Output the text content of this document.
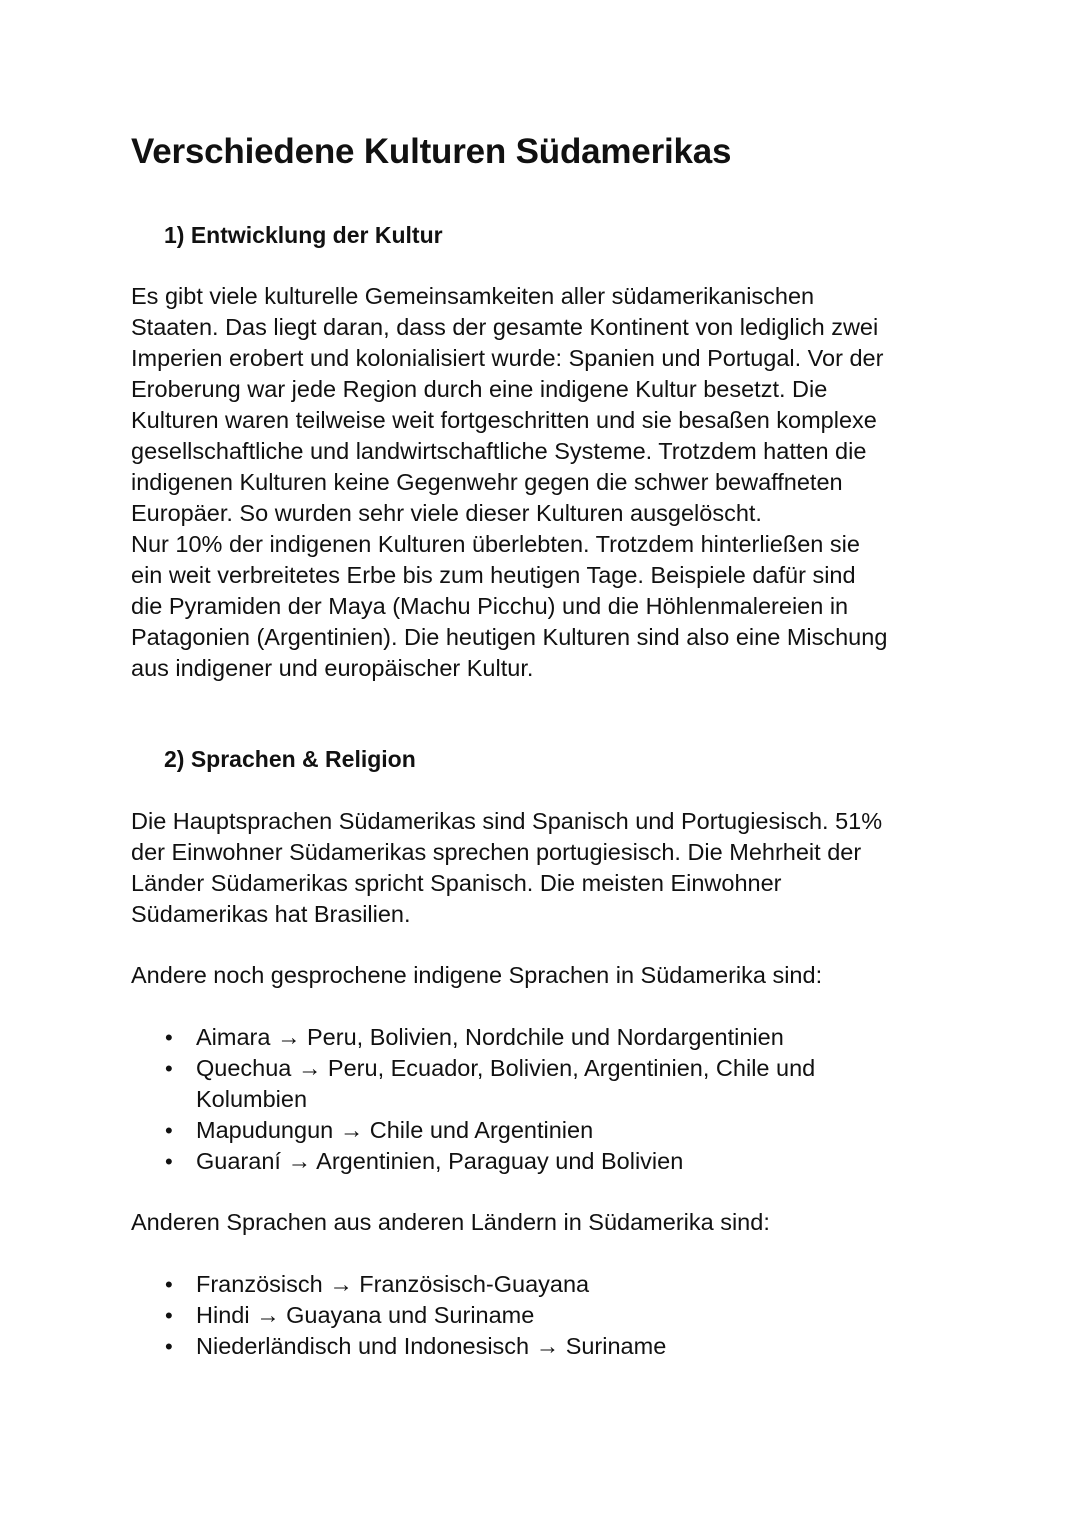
Verschiedene Kulturen Südamerikas
1) Entwicklung der Kultur

Es gibt viele kulturelle Gemeinsamkeiten aller südamerikanischen
Staaten. Das liegt daran, dass der gesamte Kontinent von lediglich zwei
Imperien erobert und kolonialisiert wurde: Spanien und Portugal. Vor der
Eroberung war jede Region durch eine indigene Kultur besetzt. Die
Kulturen waren teilweise weit fortgeschritten und sie besaßen komplexe
gesellschaftliche und landwirtschaftliche Systeme. Trotzdem hatten die
indigenen Kulturen keine Gegenwehr gegen die schwer bewaffneten
Europäer. So wurden sehr viele dieser Kulturen ausgelöscht.
Nur 10% der indigenen Kulturen überlebten. Trotzdem hinterließen sie
ein weit verbreitetes Erbe bis zum heutigen Tage. Beispiele dafür sind
die Pyramiden der Maya (Machu Picchu) und die Höhlenmalereien in
Patagonien (Argentinien). Die heutigen Kulturen sind also eine Mischung
aus indigener und europäischer Kultur.

2) Sprachen & Religion

Die Hauptsprachen Südamerikas sind Spanisch und Portugiesisch. 51%
der Einwohner Südamerikas sprechen portugiesisch. Die Mehrheit der
Länder Südamerikas spricht Spanisch. Die meisten Einwohner
Südamerikas hat Brasilien.

Andere noch gesprochene indigene Sprachen in Südamerika sind:

• Aimara → Peru, Bolivien, Nordchile und Nordargentinien
• Quechua → Peru, Ecuador, Bolivien, Argentinien, Chile und
Kolumbien
• Mapudungun → Chile und Argentinien
• Guaraní → Argentinien, Paraguay und Bolivien

Anderen Sprachen aus anderen Ländern in Südamerika sind:

• Französisch → Französisch-Guayana
• Hindi → Guayana und Suriname
• Niederländisch und Indonesisch → Suriname
